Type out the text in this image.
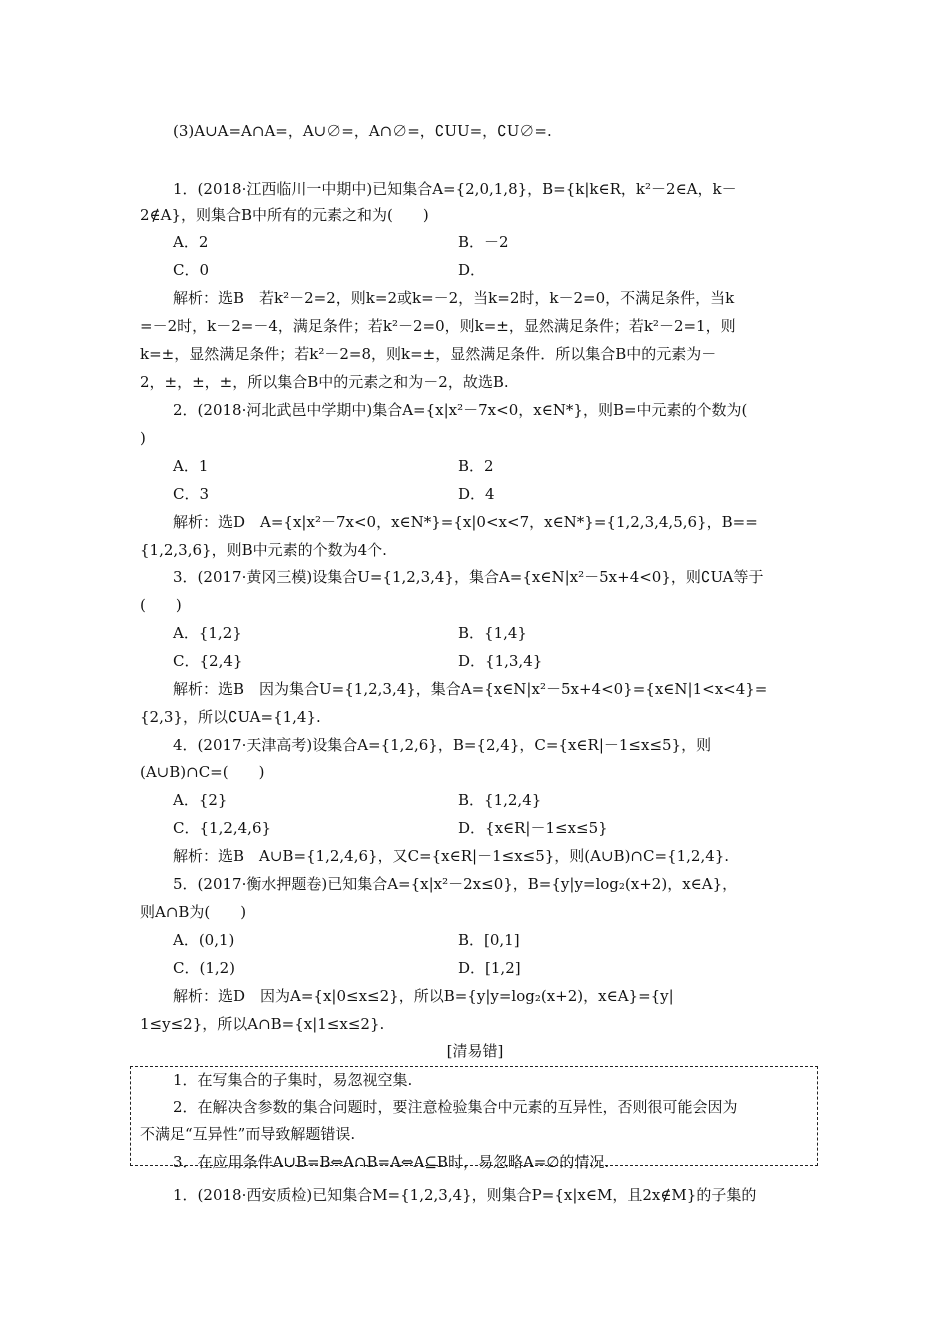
(3)A∪A=A∩A=，A∪∅=，A∩∅=，∁UU=，∁U∅=.
1．(2018·江西临川一中期中)已知集合A={2,0,1,8}，B={k|k∈R，k²－2∈A，k－
2∉A}，则集合B中所有的元素之和为(　　)
A．2	B．－2
C．0	D．
解析：选B　若k²－2=2，则k=2或k=－2，当k=2时，k－2=0，不满足条件，当k
=－2时，k－2=－4，满足条件；若k²－2=0，则k=±，显然满足条件；若k²－2=1，则
k=±，显然满足条件；若k²－2=8，则k=±，显然满足条件．所以集合B中的元素为－
2，±，±，±，所以集合B中的元素之和为－2，故选B.
2．(2018·河北武邑中学期中)集合A={x|x²－7x<0，x∈N*}，则B=中元素的个数为(
)
A．1	B．2
C．3	D．4
解析：选D　A={x|x²－7x<0，x∈N*}={x|0<x<7，x∈N*}={1,2,3,4,5,6}，B==
{1,2,3,6}，则B中元素的个数为4个.
3．(2017·黄冈三模)设集合U={1,2,3,4}，集合A={x∈N|x²－5x+4<0}，则∁UA等于
(　　)
A．{1,2}	B．{1,4}
C．{2,4}	D．{1,3,4}
解析：选B　因为集合U={1,2,3,4}，集合A={x∈N|x²－5x+4<0}={x∈N|1<x<4}=
{2,3}，所以∁UA={1,4}.
4．(2017·天津高考)设集合A={1,2,6}，B={2,4}，C={x∈R|－1≤x≤5}，则
(A∪B)∩C=(　　)
A．{2}	B．{1,2,4}
C．{1,2,4,6}	D．{x∈R|－1≤x≤5}
解析：选B　A∪B={1,2,4,6}，又C={x∈R|－1≤x≤5}，则(A∪B)∩C={1,2,4}.
5．(2017·衡水押题卷)已知集合A={x|x²－2x≤0}，B={y|y=log₂(x+2)，x∈A}，
则A∩B为(　　)
A．(0,1)	B．[0,1]
C．(1,2)	D．[1,2]
解析：选D　因为A={x|0≤x≤2}，所以B={y|y=log₂(x+2)，x∈A}={y|
1≤y≤2}，所以A∩B={x|1≤x≤2}.
[清易错]
1．在写集合的子集时，易忽视空集.
2．在解决含参数的集合问题时，要注意检验集合中元素的互异性，否则很可能会因为
不满足“互异性”而导致解题错误.
3．在应用条件A∪B=B⇔A∩B=A⇔A⊆B时，易忽略A=∅的情况.
1．(2018·西安质检)已知集合M={1,2,3,4}，则集合P={x|x∈M，且2x∉M}的子集的
